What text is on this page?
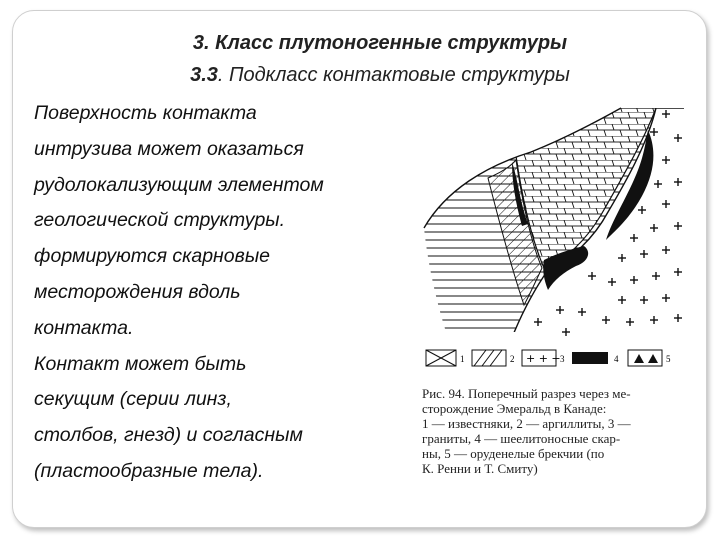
3. Класс плутоногенные структуры
3.3. Подкласс контактовые структуры
Поверхность контакта
интрузива может оказаться
рудолокализующим элементом
геологической структуры.
формируются скарновые
месторождения вдоль
контакта.
Контакт может быть
секущим (серии линз,
столбов, гнезд) и согласным
(пластообразные тела).
1	2 + + + 3	4	5
Рис. 94. Поперечный разрез через ме-
сторождение Эмеральд в Канаде:
1 — известняки, 2 — аргиллиты, 3 —
граниты, 4 — шеелитоносные скар-
ны, 5 — оруденелые брекчии (по
К. Ренни и Т. Смиту)
